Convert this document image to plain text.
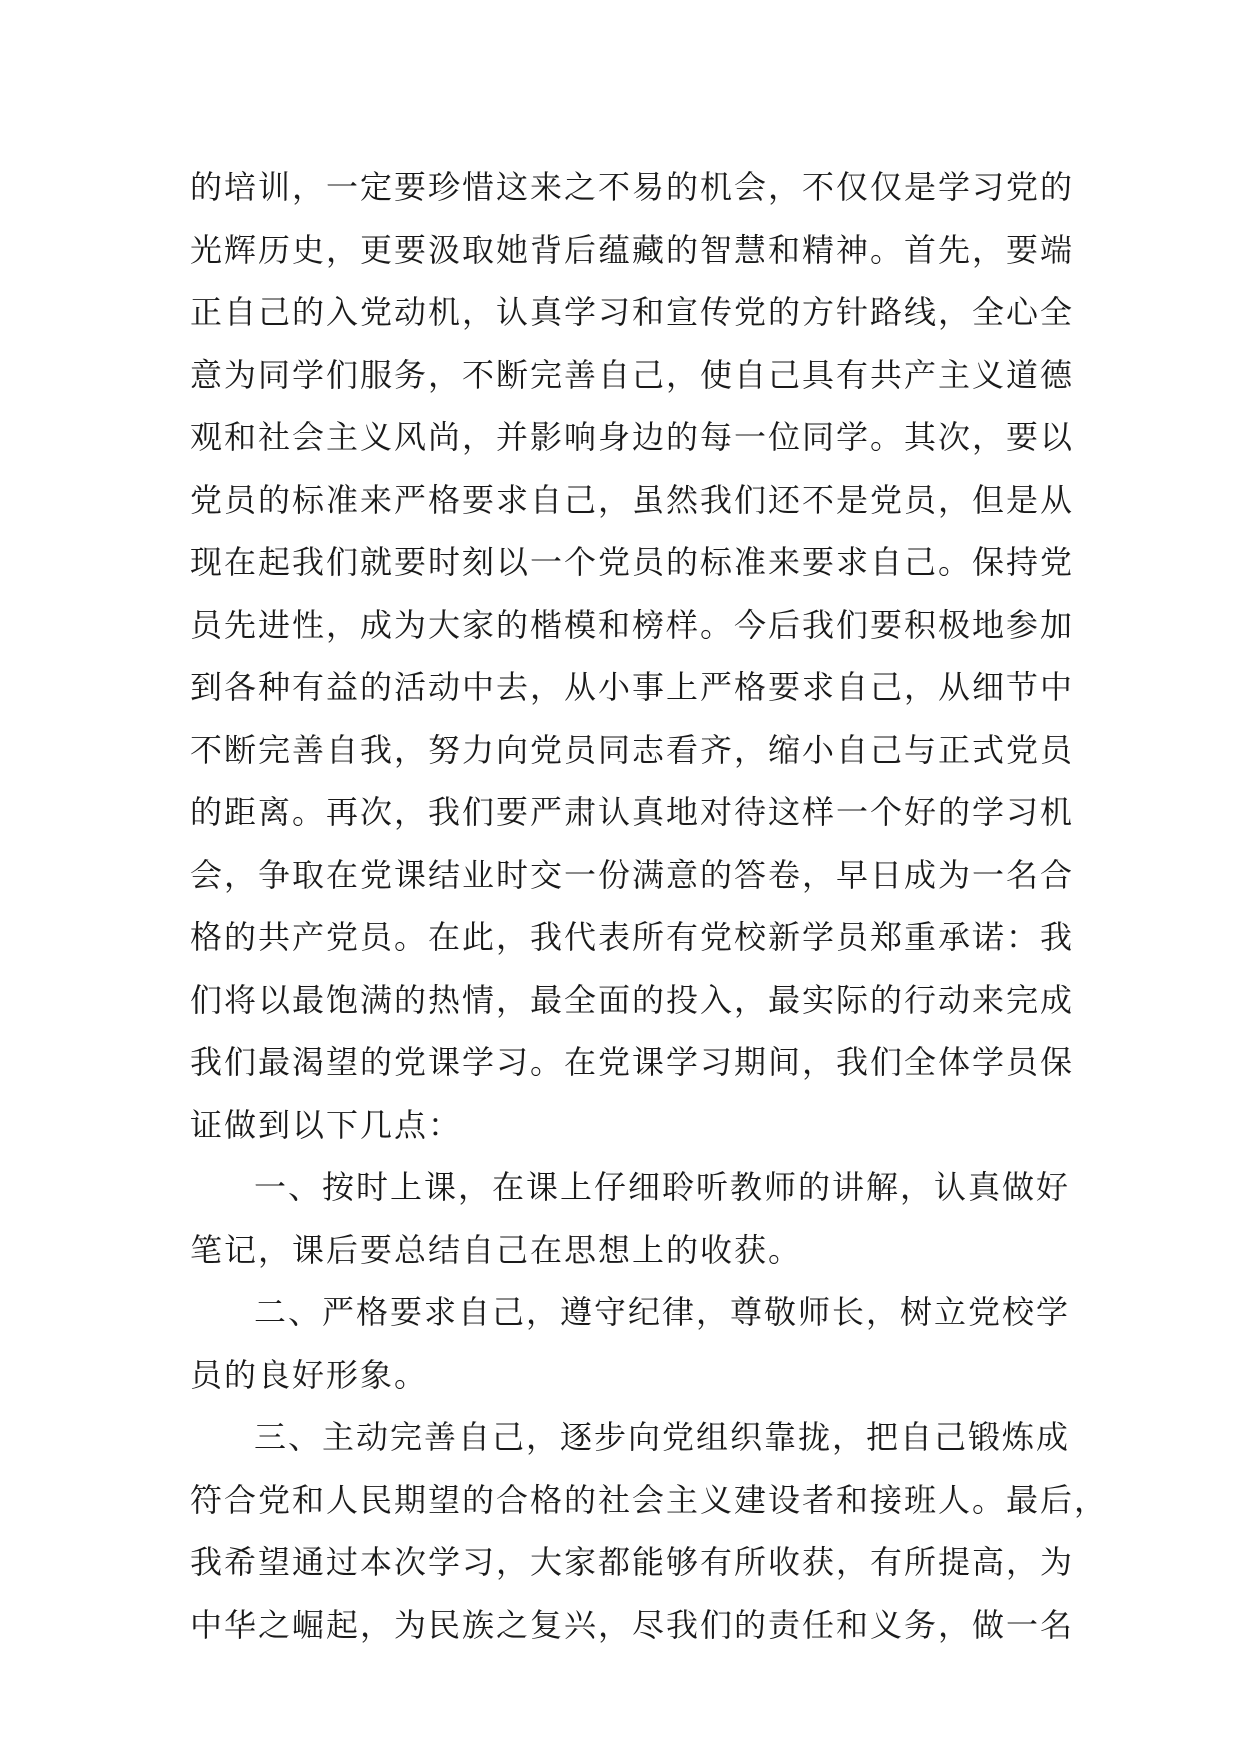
的培训，一定要珍惜这来之不易的机会，不仅仅是学习党的
光辉历史，更要汲取她背后蕴藏的智慧和精神。首先，要端
正自己的入党动机，认真学习和宣传党的方针路线，全心全
意为同学们服务，不断完善自己，使自己具有共产主义道德
观和社会主义风尚，并影响身边的每一位同学。其次，要以
党员的标准来严格要求自己，虽然我们还不是党员，但是从
现在起我们就要时刻以一个党员的标准来要求自己。保持党
员先进性，成为大家的楷模和榜样。今后我们要积极地参加
到各种有益的活动中去，从小事上严格要求自己，从细节中
不断完善自我，努力向党员同志看齐，缩小自己与正式党员
的距离。再次，我们要严肃认真地对待这样一个好的学习机
会，争取在党课结业时交一份满意的答卷，早日成为一名合
格的共产党员。在此，我代表所有党校新学员郑重承诺：我
们将以最饱满的热情，最全面的投入，最实际的行动来完成
我们最渴望的党课学习。在党课学习期间，我们全体学员保
证做到以下几点：
一、按时上课，在课上仔细聆听教师的讲解，认真做好
笔记，课后要总结自己在思想上的收获。
二、严格要求自己，遵守纪律，尊敬师长，树立党校学
员的良好形象。
三、主动完善自己，逐步向党组织靠拢，把自己锻炼成
符合党和人民期望的合格的社会主义建设者和接班人。最后，
我希望通过本次学习，大家都能够有所收获，有所提高，为
中华之崛起，为民族之复兴，尽我们的责任和义务，做一名
